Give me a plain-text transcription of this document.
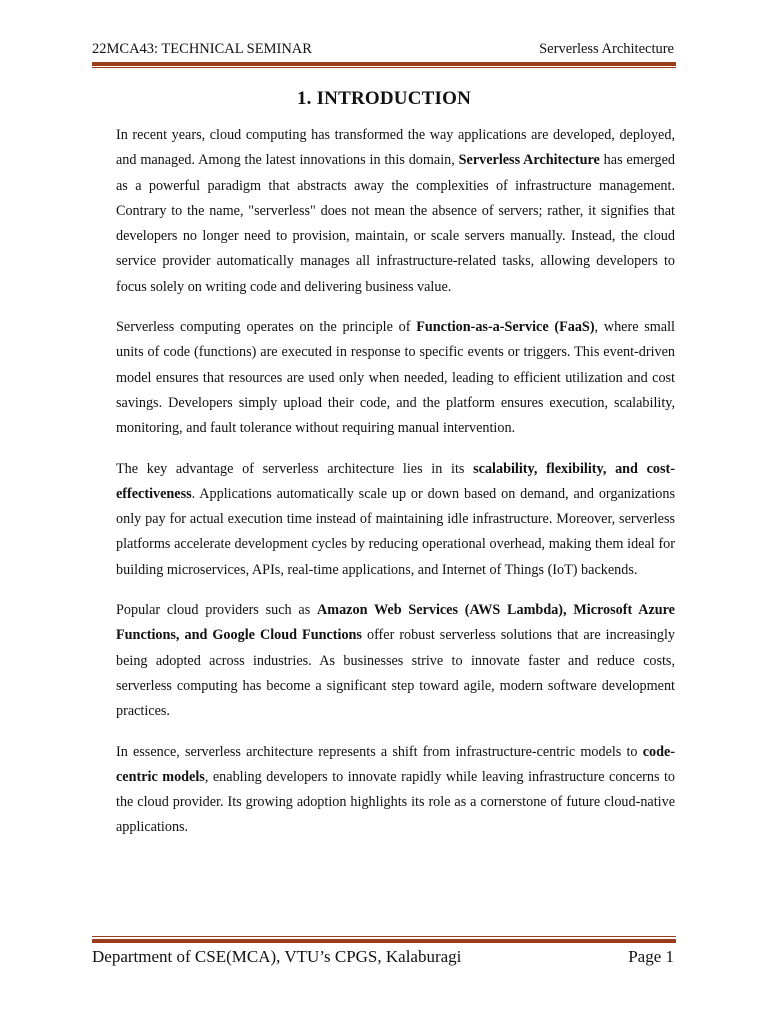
22MCA43: TECHNICAL SEMINAR	Serverless Architecture
1. INTRODUCTION

In recent years, cloud computing has transformed the way applications are developed, deployed, and managed. Among the latest innovations in this domain, Serverless Architecture has emerged as a powerful paradigm that abstracts away the complexities of infrastructure management. Contrary to the name, "serverless" does not mean the absence of servers; rather, it signifies that developers no longer need to provision, maintain, or scale servers manually. Instead, the cloud service provider automatically manages all infrastructure-related tasks, allowing developers to focus solely on writing code and delivering business value.

Serverless computing operates on the principle of Function-as-a-Service (FaaS), where small units of code (functions) are executed in response to specific events or triggers. This event-driven model ensures that resources are used only when needed, leading to efficient utilization and cost savings. Developers simply upload their code, and the platform ensures execution, scalability, monitoring, and fault tolerance without requiring manual intervention.

The key advantage of serverless architecture lies in its scalability, flexibility, and cost-effectiveness. Applications automatically scale up or down based on demand, and organizations only pay for actual execution time instead of maintaining idle infrastructure. Moreover, serverless platforms accelerate development cycles by reducing operational overhead, making them ideal for building microservices, APIs, real-time applications, and Internet of Things (IoT) backends.

Popular cloud providers such as Amazon Web Services (AWS Lambda), Microsoft Azure Functions, and Google Cloud Functions offer robust serverless solutions that are increasingly being adopted across industries. As businesses strive to innovate faster and reduce costs, serverless computing has become a significant step toward agile, modern software development practices.

In essence, serverless architecture represents a shift from infrastructure-centric models to code-centric models, enabling developers to innovate rapidly while leaving infrastructure concerns to the cloud provider. Its growing adoption highlights its role as a cornerstone of future cloud-native applications.

Department of CSE(MCA), VTU’s CPGS, Kalaburagi	Page 1
